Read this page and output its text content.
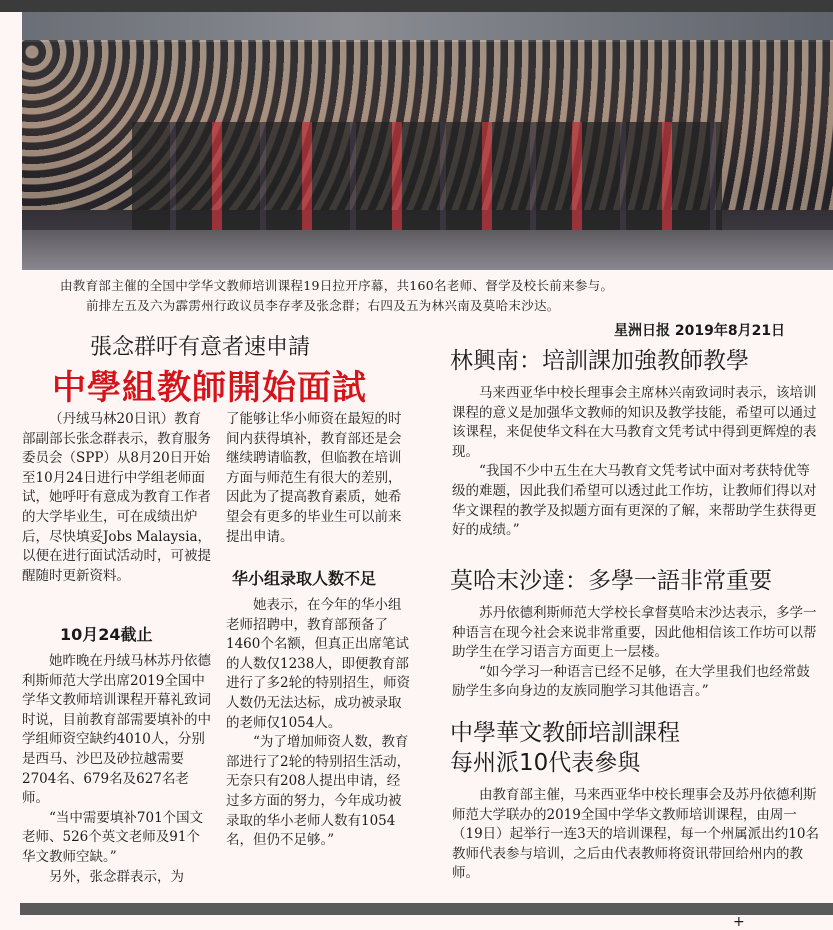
由教育部主催的全国中学华文教师培训课程19日拉开序幕，共160名老师、督学及校长前来参与。
前排左五及六为霹雳州行政议员李存孝及张念群；右四及五为林兴南及莫哈末沙达。
星洲日报 2019年8月21日
張念群吁有意者速申請
中學組教師開始面試

（丹绒马林20日讯）教育部副部长张念群表示，教育服务委员会（SPP）从8月20日开始至10月24日进行中学组老师面试，她呼吁有意成为教育工作者的大学毕业生，可在成绩出炉后，尽快填妥Jobs Malaysia，以便在进行面试活动时，可被提醒随时更新资料。

10月24截止

她昨晚在丹绒马林苏丹依德利斯师范大学出席2019全国中学华文教师培训课程开幕礼致词时说，目前教育部需要填补的中学组师资空缺约4010人，分别是西马、沙巴及砂拉越需要2704名、679名及627名老师。

“当中需要填补701个国文老师、526个英文老师及91个华文教师空缺。”

另外，张念群表示，为

了能够让华小师资在最短的时间内获得填补，教育部还是会继续聘请临教，但临教在培训方面与师范生有很大的差别，因此为了提高教育素质，她希望会有更多的毕业生可以前来提出申请。

华小组录取人数不足

她表示，在今年的华小组老师招聘中，教育部预备了1460个名额，但真正出席笔试的人数仅1238人，即便教育部进行了多2轮的特别招生，师资人数仍无法达标，成功被录取的老师仅1054人。

“为了增加师资人数，教育部进行了2轮的特别招生活动，无奈只有208人提出申请，经过多方面的努力，今年成功被录取的华小老师人数有1054名，但仍不足够。”

林興南：培訓課加強教師教學

马来西亚华中校长理事会主席林兴南致词时表示，该培训课程的意义是加强华文教师的知识及教学技能，希望可以通过该课程，来促使华文科在大马教育文凭考试中得到更辉煌的表现。

“我国不少中五生在大马教育文凭考试中面对考获特优等级的难题，因此我们希望可以透过此工作坊，让教师们得以对华文课程的教学及拟题方面有更深的了解，来帮助学生获得更好的成绩。”

莫哈末沙達：多學一語非常重要

苏丹依德利斯师范大学校长拿督莫哈末沙达表示，多学一种语言在现今社会来说非常重要，因此他相信该工作坊可以帮助学生在学习语言方面更上一层楼。

“如今学习一种语言已经不足够，在大学里我们也经常鼓励学生多向身边的友族同胞学习其他语言。”

中學華文教師培訓課程
每州派10代表參與

由教育部主催，马来西亚华中校长理事会及苏丹依德利斯师范大学联办的2019全国中学华文教师培训课程，由周一（19日）起举行一连3天的培训课程，每一个州属派出约10名教师代表参与培训，之后由代表教师将资讯带回给州内的教师。

+
